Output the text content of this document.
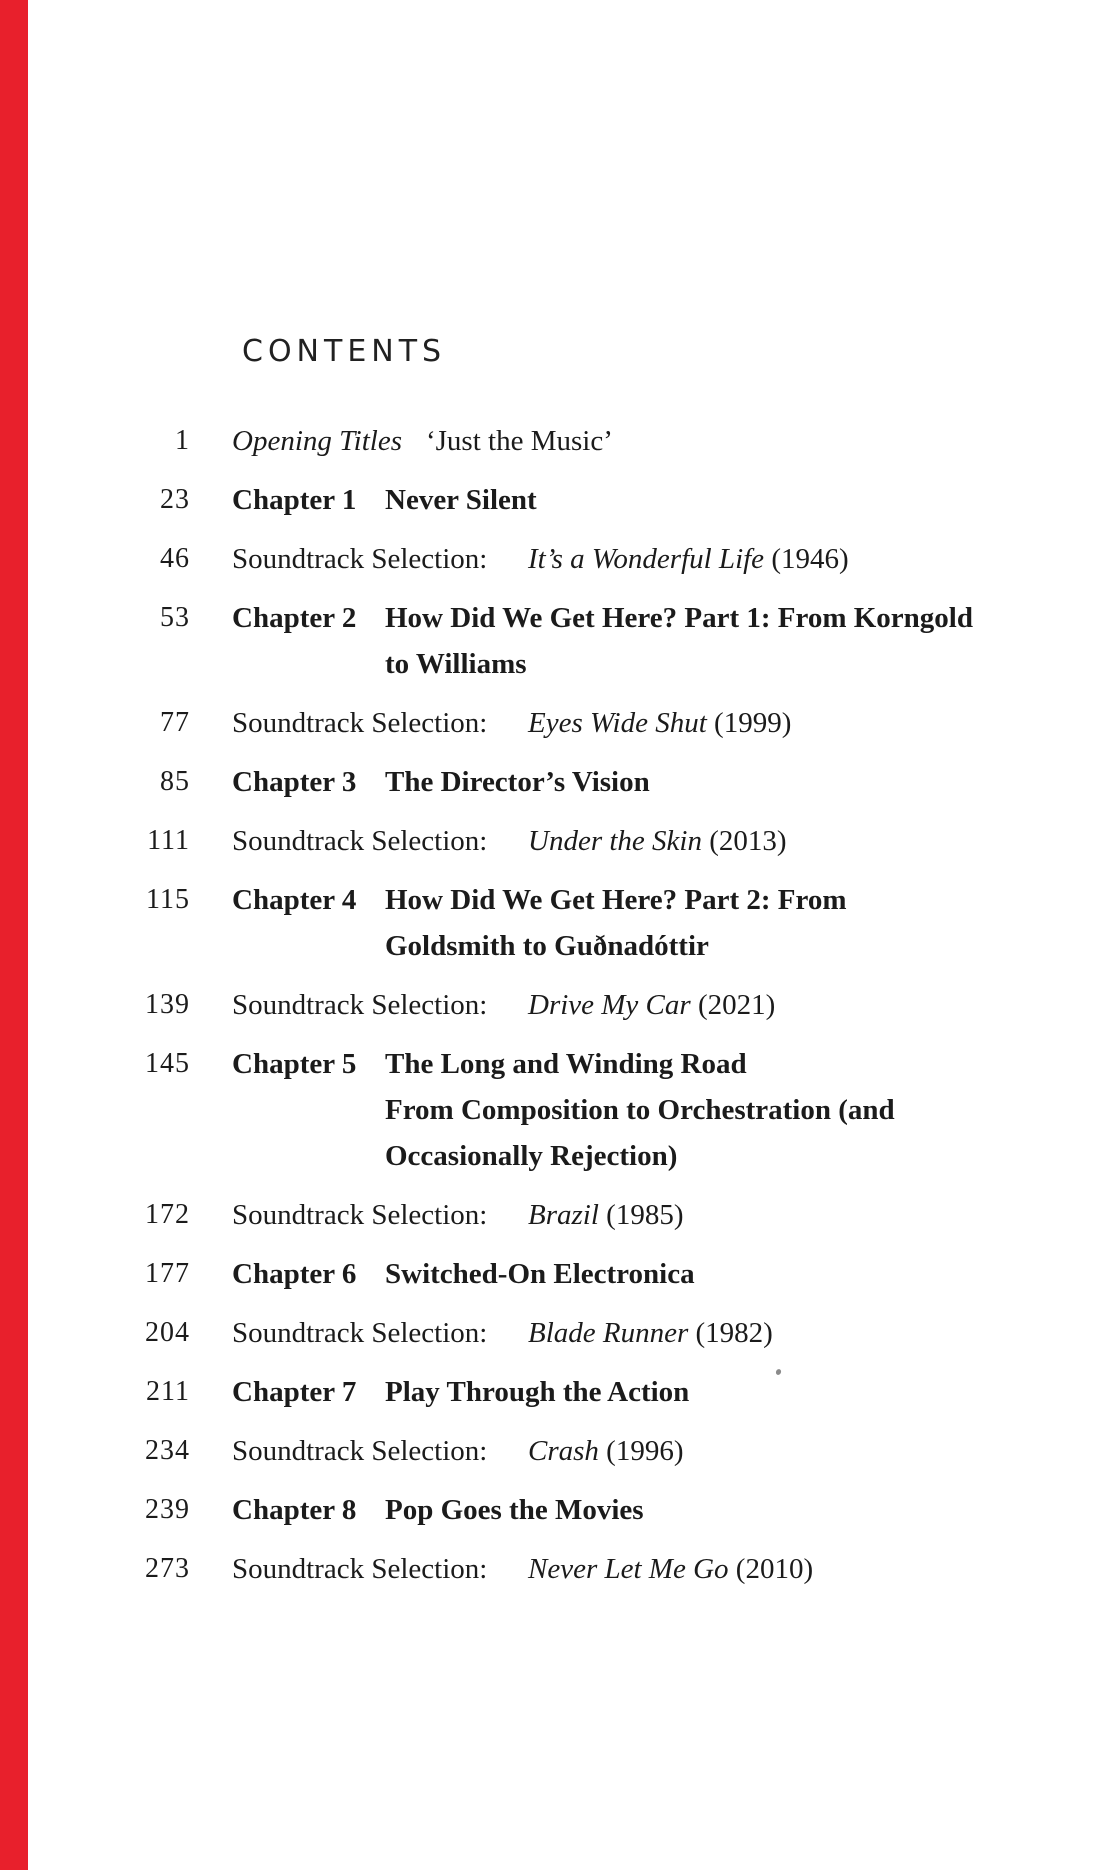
CONTENTS
1 Opening Titles ‘Just the Music’
23 Chapter 1 Never Silent
46 Soundtrack Selection: It’s a Wonderful Life (1946)
53 Chapter 2 How Did We Get Here? Part 1: From Korngold
to Williams
77 Soundtrack Selection: Eyes Wide Shut (1999)
85 Chapter 3 The Director’s Vision
111 Soundtrack Selection: Under the Skin (2013)
115 Chapter 4 How Did We Get Here? Part 2: From
Goldsmith to Guðnadóttir
139 Soundtrack Selection: Drive My Car (2021)
145 Chapter 5 The Long and Winding Road
From Composition to Orchestration (and
Occasionally Rejection)
172 Soundtrack Selection: Brazil (1985)
177 Chapter 6 Switched-On Electronica
204 Soundtrack Selection: Blade Runner (1982)
211 Chapter 7 Play Through the Action
234 Soundtrack Selection: Crash (1996)
239 Chapter 8 Pop Goes the Movies
273 Soundtrack Selection: Never Let Me Go (2010)
